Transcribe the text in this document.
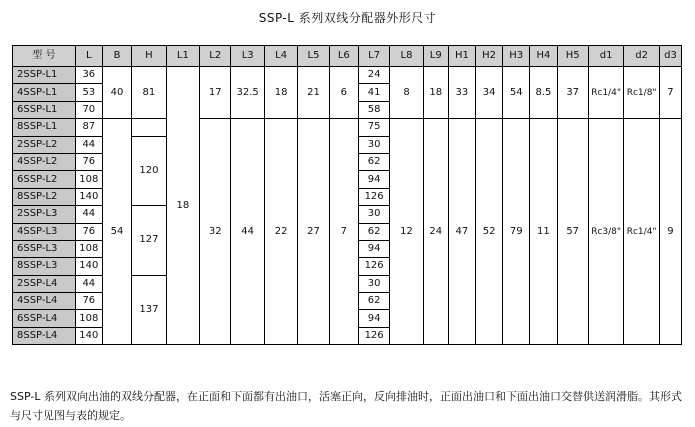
SSP-L 系列双线分配器外形尺寸
型 号	L	B	H	L1	L2	L3	L4	L5	L6	L7	L8	L9	H1	H2	H3	H4	H5	d1	d2	d3
2SSP-L1	36	40	81	18	17	32.5	18	21	6	24	8	18	33	34	54	8.5	37	Rc1/4"	Rc1/8"	7
4SSP-L1	53									41										
6SSP-L1	70									58										
8SSP-L1	87	54			32	44	22	27	7	75	12	24	47	52	79	11	57	Rc3/8"	Rc1/4"	9
2SSP-L2	44		120							30										
4SSP-L2	76									62										
6SSP-L2	108									94										
8SSP-L2	140									126										
2SSP-L3	44		127							30										
4SSP-L3	76									62										
6SSP-L3	108									94										
8SSP-L3	140									126										
2SSP-L4	44		137							30										
4SSP-L4	76									62										
6SSP-L4	108									94										
8SSP-L4	140									126										
SSP-L 系列双向出油的双线分配器，在正面和下面都有出油口，活塞正向，反向排油时，正面出油口和下面出油口交替供送润滑脂。其形式与尺寸见图与表的规定。
